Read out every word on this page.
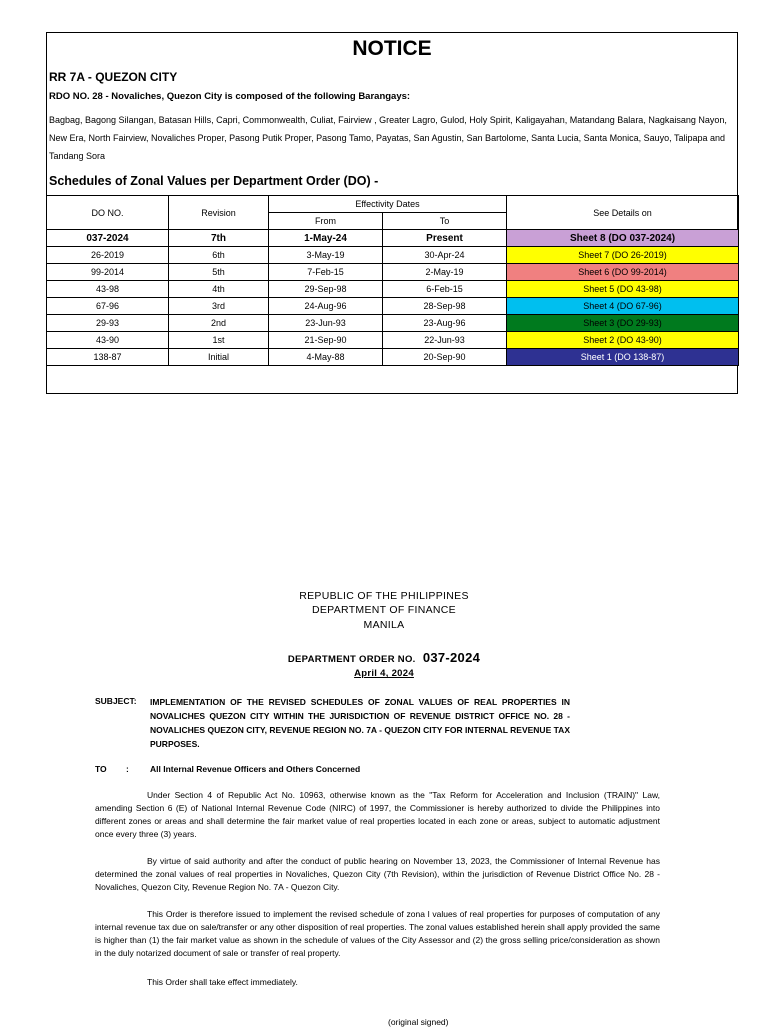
NOTICE
RR 7A - QUEZON CITY
RDO NO. 28 - Novaliches, Quezon City is composed of the following Barangays:
Bagbag, Bagong Silangan, Batasan Hills, Capri, Commonwealth, Culiat, Fairview , Greater Lagro, Gulod, Holy Spirit, Kaligayahan, Matandang Balara, Nagkaisang Nayon, New Era, North Fairview, Novaliches Proper, Pasong Putik Proper, Pasong Tamo, Payatas, San Agustin, San Bartolome, Santa Lucia, Santa Monica, Sauyo, Talipapa and Tandang Sora
Schedules of Zonal Values per Department Order (DO) -
DO NO.	Revision	Effectivity Dates		See Details on
		From	To	
037-2024	7th	1-May-24	Present	Sheet 8 (DO 037-2024)
26-2019	6th	3-May-19	30-Apr-24	Sheet 7 (DO 26-2019)
99-2014	5th	7-Feb-15	2-May-19	Sheet 6 (DO 99-2014)
43-98	4th	29-Sep-98	6-Feb-15	Sheet 5 (DO 43-98)
67-96	3rd	24-Aug-96	28-Sep-98	Sheet 4 (DO 67-96)
29-93	2nd	23-Jun-93	23-Aug-96	Sheet 3 (DO 29-93)
43-90	1st	21-Sep-90	22-Jun-93	Sheet 2 (DO 43-90)
138-87	Initial	4-May-88	20-Sep-90	Sheet 1 (DO 138-87)
REPUBLIC OF THE PHILIPPINES
DEPARTMENT OF FINANCE
MANILA
DEPARTMENT ORDER NO. 037-2024
April 4, 2024
SUBJECT: IMPLEMENTATION OF THE REVISED SCHEDULES OF ZONAL VALUES OF REAL PROPERTIES IN NOVALICHES QUEZON CITY WITHIN THE JURISDICTION OF REVENUE DISTRICT OFFICE NO. 28 - NOVALICHES QUEZON CITY, REVENUE REGION NO. 7A - QUEZON CITY FOR INTERNAL REVENUE TAX PURPOSES.
TO : All Internal Revenue Officers and Others Concerned
Under Section 4 of Republic Act No. 10963, otherwise known as the "Tax Reform for Acceleration and Inclusion (TRAIN)" Law, amending Section 6 (E) of National Internal Revenue Code (NIRC) of 1997, the Commissioner is hereby authorized to divide the Philippines into different zones or areas and shall determine the fair market value of real properties located in each zone or areas, subject to automatic adjustment once every three (3) years.
By virtue of said authority and after the conduct of public hearing on November 13, 2023, the Commissioner of Internal Revenue has determined the zonal values of real properties in Novaliches, Quezon City (7th Revision), within the jurisdiction of Revenue District Office No. 28 - Novaliches, Quezon City, Revenue Region No. 7A - Quezon City.
This Order is therefore issued to implement the revised schedule of zona l values of real properties for purposes of computation of any internal revenue tax due on sale/transfer or any other disposition of real properties. The zonal values established herein shall apply provided the same is higher than (1) the fair market value as shown in the schedule of values of the City Assessor and (2) the gross selling price/consideration as shown in the duly notarized document of sale or transfer of real property.
This Order shall take effect immediately.
(original signed)
